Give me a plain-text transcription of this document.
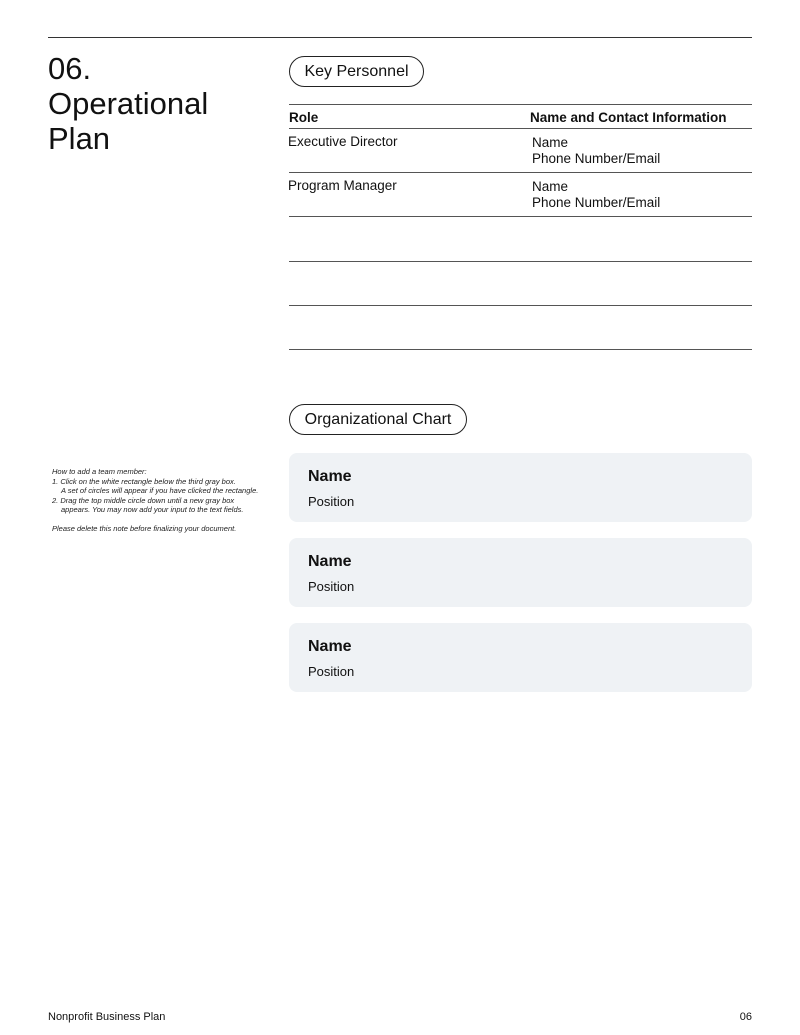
06.
Operational
Plan
Key Personnel
Role	Name and Contact Information
Executive Director	Name
Phone Number/Email
Program Manager	Name
Phone Number/Email
Organizational Chart
How to add a team member:
1. Click on the white rectangle below the third gray box.
A set of circles will appear if you have clicked the rectangle.
2. Drag the top middle circle down until a new gray box
appears. You may now add your input to the text fields.
Please delete this note before finalizing your document.
Name
Position
Name
Position
Name
Position
Nonprofit Business Plan	06
